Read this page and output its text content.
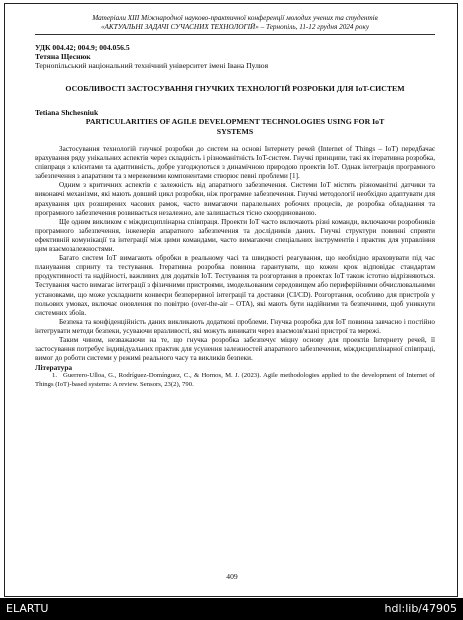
Матеріали XIII Міжнародної науково-практичної конференції молодих учених та студентів
«АКТУАЛЬНІ ЗАДАЧІ СУЧАСНИХ ТЕХНОЛОГІЙ» – Тернопіль, 11-12 грудня 2024 року
УДК 004.42; 004.9; 004.056.5
Тетяна Щеснюк
Тернопільський національний технічний університет імені Івана Пулюя
ОСОБЛИВОСТІ ЗАСТОСУВАННЯ ГНУЧКИХ ТЕХНОЛОГІЙ РОЗРОБКИ ДЛЯ IoT-СИСТЕМ
Tetiana Shchesniuk
PARTICULARITIES OF AGILE DEVELOPMENT TECHNOLOGIES USING FOR IoT SYSTEMS

Застосування технологій гнучкої розробки до систем на основі Інтернету речей (Internet of Things – IoT) передбачає врахування ряду унікальних аспектів через складність і різноманітність IoT-систем. Гнучкі принципи, такі як ітеративна розробка, співпраця з клієнтами та адаптивність, добре узгоджуються з динамічною природою проектів IoT. Однак інтеграція програмного забезпечення з апаратним та з мережевими компонентами створює певні проблеми [1].

Одним з критичних аспектів є залежність від апаратного забезпечення. Системи IoT містять різноманітні датчики та виконавчі механізми, які мають довший цикл розробки, ніж програмне забезпечення. Гнучкі методології необхідно адаптувати для врахування цих розширених часових рамок, часто вимагаючи паралельних робочих процесів, де розробка обладнання та програмного забезпечення розвивається незалежно, але залишається тісно скоординованою.

Ще одним викликом є міждисциплінарна співпраця. Проекти IoT часто включають різні команди, включаючи розробників програмного забезпечення, інженерів апаратного забезпечення та дослідників даних. Гнучкі структури повинні сприяти ефективній комунікації та інтеграції між цими командами, часто вимагаючи спеціальних інструментів і практик для управління цим взаємозалежностями.

Багато систем IoT вимагають обробки в реальному часі та швидкості реагування, що необхідно враховувати під час планування спринту та тестування. Ітеративна розробка повинна гарантувати, що кожен крок відповідає стандартам продуктивності та надійності, важливих для додатків IoT. Тестування та розгортання в проектах IoT також істотно відрізняються. Тестування часто вимагає інтеграції з фізичними пристроями, змодельованим середовищем або периферійними обчислювальними установками, що може ускладнити конвеєри безперервної інтеграції та доставки (CI/CD). Розгортання, особливо для пристроїв у польових умовах, включає оновлення по повітрю (over-the-air – OTA), які мають бути надійними та безпечними, щоб уникнути системних збоїв.

Безпека та конфіденційність даних викликають додаткові проблеми. Гнучка розробка для IoT повинна завчасно і постійно інтегрувати методи безпеки, усуваючи вразливості, які можуть виникати через взаємозв'язані пристрої та мережі.

Таким чином, незважаючи на те, що гнучка розробка забезпечує міцну основу для проектів Інтернету речей, її застосування потребує індивідуальних практик для усунення залежностей апаратного забезпечення, міждисциплінарної співпраці, вимог до роботи системи у режимі реального часу та викликів безпеки.

Література
1. Guerrero-Ulloa, G., Rodríguez-Domínguez, C., & Hornos, M. J. (2023). Agile methodologies applied to the development of Internet of Things (IoT)-based systems: A review. Sensors, 23(2), 790.
409
ELARTU	hdl:lib/47905
